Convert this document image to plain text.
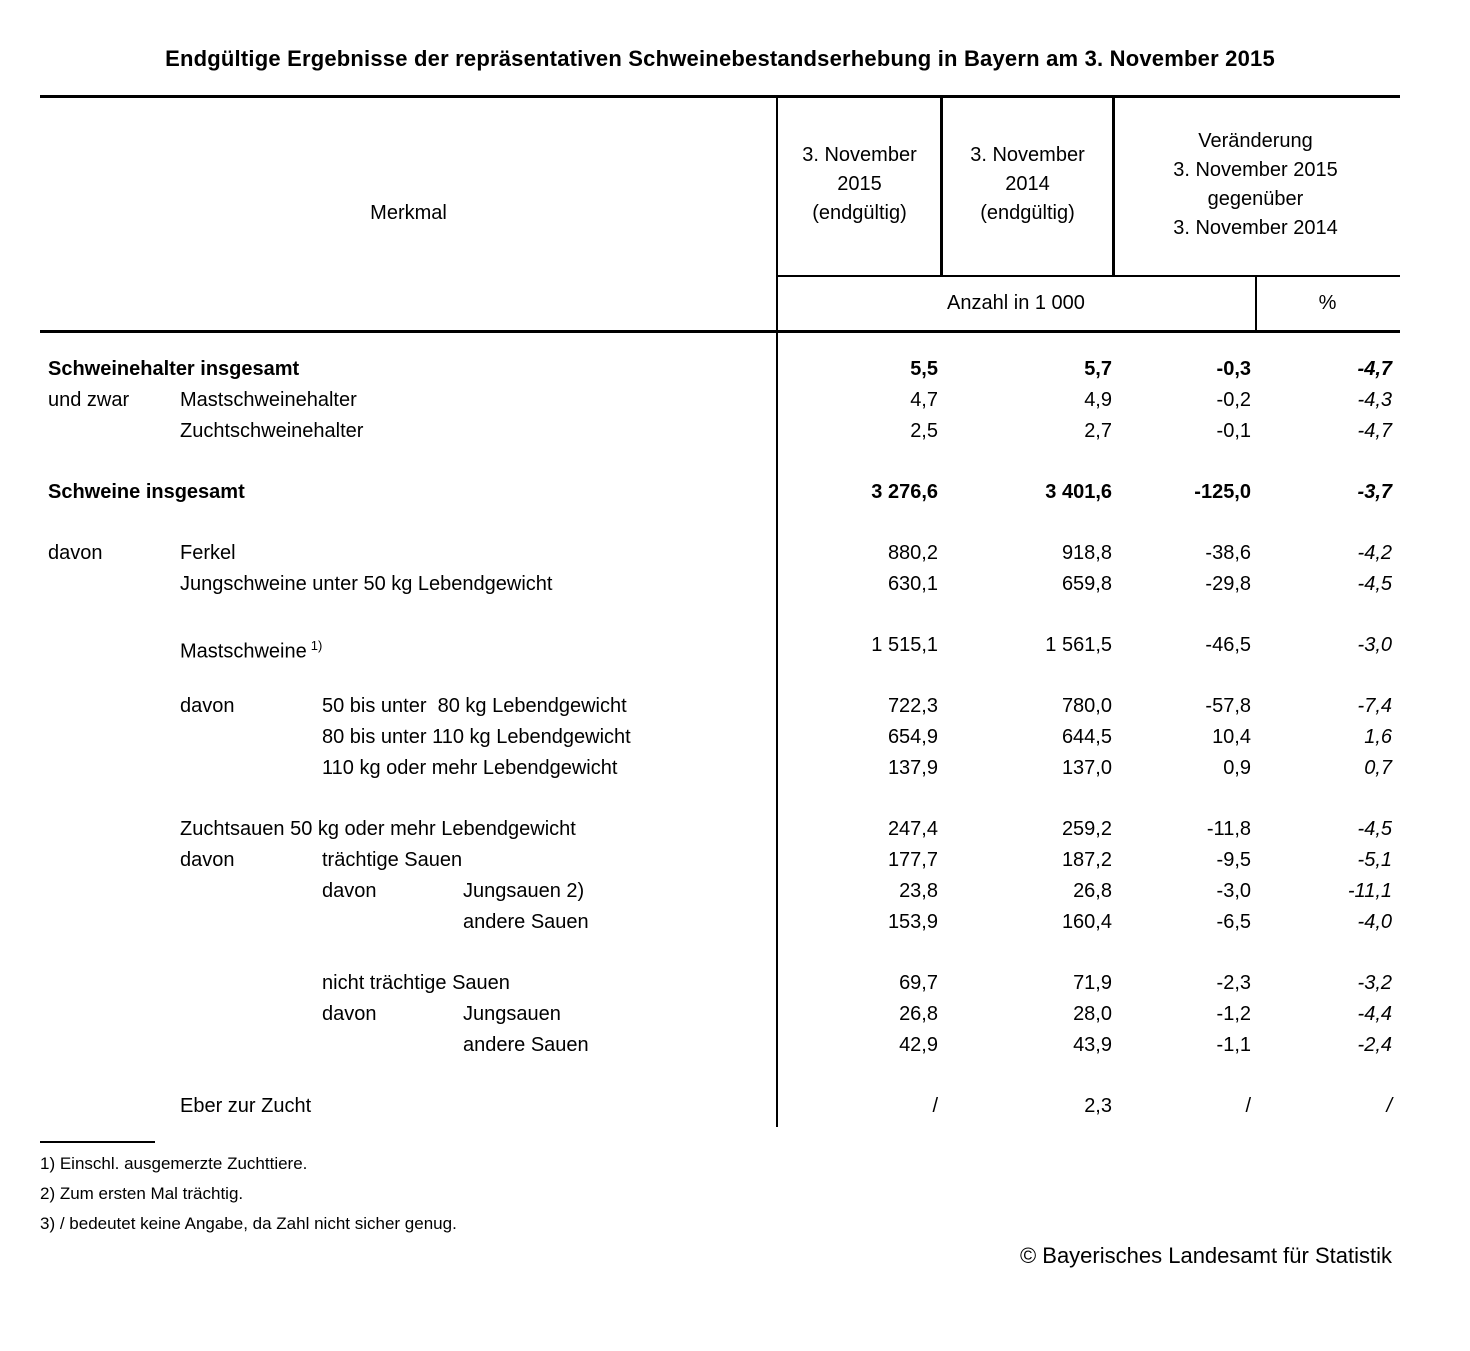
Endgültige Ergebnisse der repräsentativen Schweinebestandserhebung in Bayern am 3. November 2015
Merkmal
3. November
2015
(endgültig)
3. November
2014
(endgültig)
Veränderung
3. November 2015
gegenüber
3. November 2014
Anzahl in 1 000	%
Schweinehalter insgesamt	5,5	5,7	-0,3	-4,7
und zwar	Mastschweinehalter	4,7	4,9	-0,2	-4,3
Zuchtschweinehalter	2,5	2,7	-0,1	-4,7
Schweine insgesamt	3 276,6	3 401,6	-125,0	-3,7
davon	Ferkel	880,2	918,8	-38,6	-4,2
Jungschweine unter 50 kg Lebendgewicht	630,1	659,8	-29,8	-4,5
Mastschweine $^{1)}$	1 515,1	1 561,5	-46,5	-3,0
davon	50 bis unter  80 kg Lebendgewicht	722,3	780,0	-57,8	-7,4
80 bis unter 110 kg Lebendgewicht	654,9	644,5	10,4	1,6
110 kg oder mehr Lebendgewicht	137,9	137,0	0,9	0,7
Zuchtsauen 50 kg oder mehr Lebendgewicht	247,4	259,2	-11,8	-4,5
davon	trächtige Sauen	177,7	187,2	-9,5	-5,1
davon	Jungsauen 2)	23,8	26,8	-3,0	-11,1
andere Sauen	153,9	160,4	-6,5	-4,0
nicht trächtige Sauen	69,7	71,9	-2,3	-3,2
davon	Jungsauen	26,8	28,0	-1,2	-4,4
andere Sauen	42,9	43,9	-1,1	-2,4
Eber zur Zucht	/	2,3	/	/
1) Einschl. ausgemerzte Zuchttiere.
2) Zum ersten Mal trächtig.
3) / bedeutet keine Angabe, da Zahl nicht sicher genug.
© Bayerisches Landesamt für Statistik
